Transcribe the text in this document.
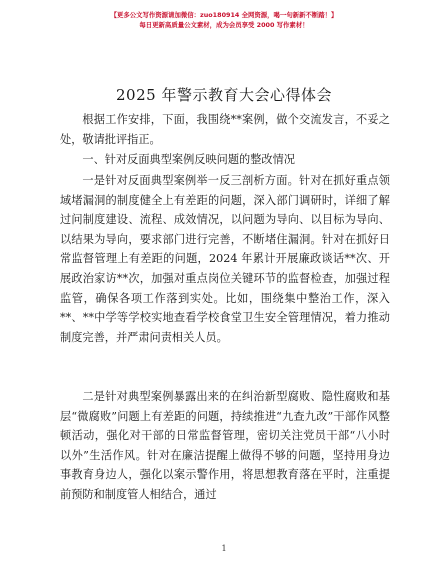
【更多公文写作资源请加微信：zuo180914 全网资源，喝一句新新不断踏！】
每日更新高质量公文素材，成为会员享受 2000 写作素材！
2025 年警示教育大会心得体会

根据工作安排，下面，我围绕**案例，做个交流发言，不妥之处，敬请批评指正。

一、针对反面典型案例反映问题的整改情况

一是针对反面典型案例举一反三剖析方面。针对在抓好重点领域堵漏洞的制度健全上有差距的问题，深入部门调研时，详细了解过问制度建设、流程、成效情况，以问题为导向、以目标为导向、以结果为导向，要求部门进行完善，不断堵住漏洞。针对在抓好日常监督管理上有差距的问题，2024 年累计开展廉政谈话**次、开展政治家访**次，加强对重点岗位关键环节的监督检查，加强过程监管，确保各项工作落到实处。比如，围绕集中整治工作，深入**、**中学等学校实地查看学校食堂卫生安全管理情况，着力推动制度完善，并严肃问责相关人员。

二是针对典型案例暴露出来的在纠治新型腐败、隐性腐败和基层“微腐败”问题上有差距的问题，持续推进“九查九改”干部作风整顿活动，强化对干部的日常监督管理，密切关注党员干部“八小时以外”生活作风。针对在廉洁提醒上做得不够的问题，坚持用身边事教育身边人，强化以案示警作用，将思想教育落在平时，注重提前预防和制度管人相结合，通过

1
